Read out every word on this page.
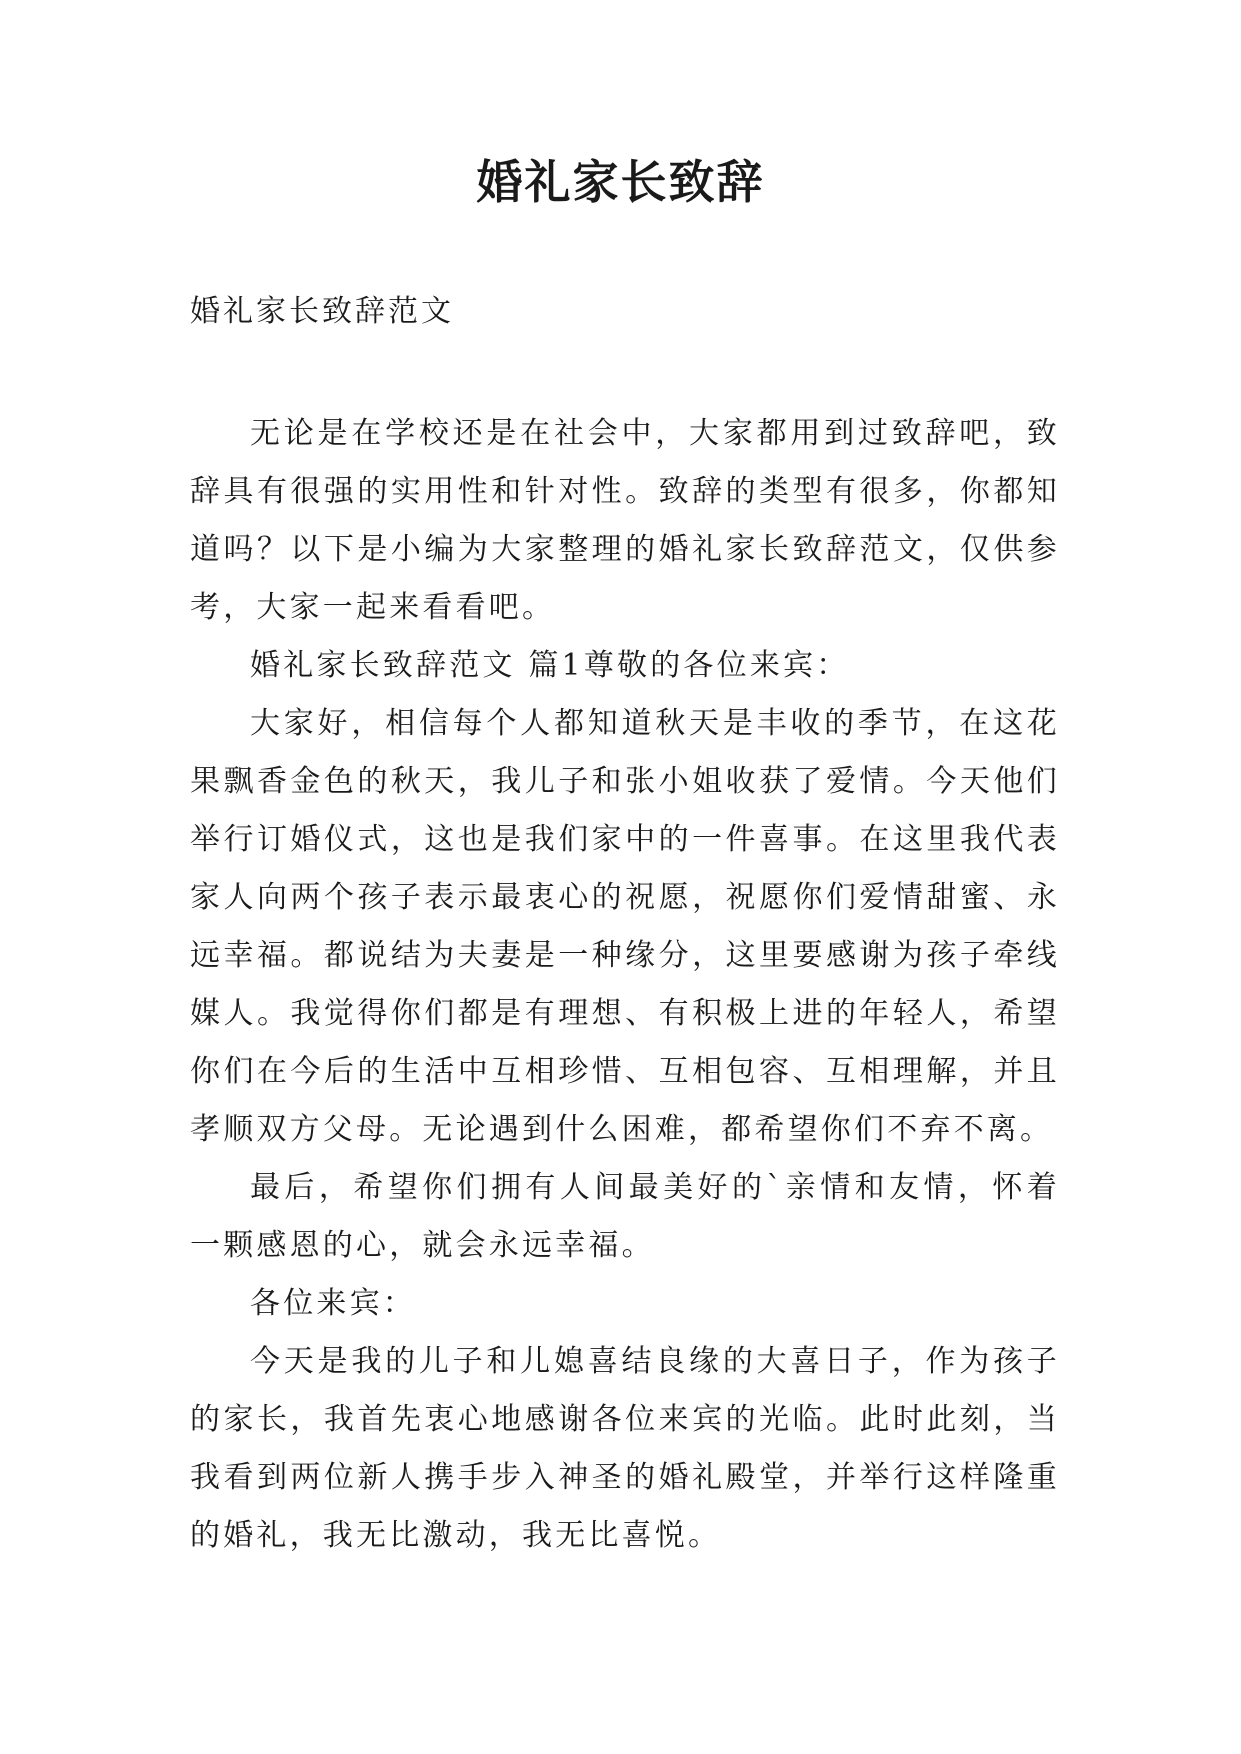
婚礼家长致辞
婚礼家长致辞范文

无论是在学校还是在社会中，大家都用到过致辞吧，致辞具有很强的实用性和针对性。致辞的类型有很多，你都知道吗？以下是小编为大家整理的婚礼家长致辞范文，仅供参考，大家一起来看看吧。

婚礼家长致辞范文 篇1尊敬的各位来宾：

大家好，相信每个人都知道秋天是丰收的季节，在这花果飘香金色的秋天，我儿子和张小姐收获了爱情。今天他们举行订婚仪式，这也是我们家中的一件喜事。在这里我代表家人向两个孩子表示最衷心的祝愿，祝愿你们爱情甜蜜、永远幸福。都说结为夫妻是一种缘分，这里要感谢为孩子牵线媒人。我觉得你们都是有理想、有积极上进的年轻人，希望你们在今后的生活中互相珍惜、互相包容、互相理解，并且孝顺双方父母。无论遇到什么困难，都希望你们不弃不离。

最后，希望你们拥有人间最美好的`亲情和友情，怀着一颗感恩的心，就会永远幸福。

各位来宾：

今天是我的儿子和儿媳喜结良缘的大喜日子，作为孩子的家长，我首先衷心地感谢各位来宾的光临。此时此刻，当我看到两位新人携手步入神圣的婚礼殿堂，并举行这样隆重的婚礼，我无比激动，我无比喜悦。
